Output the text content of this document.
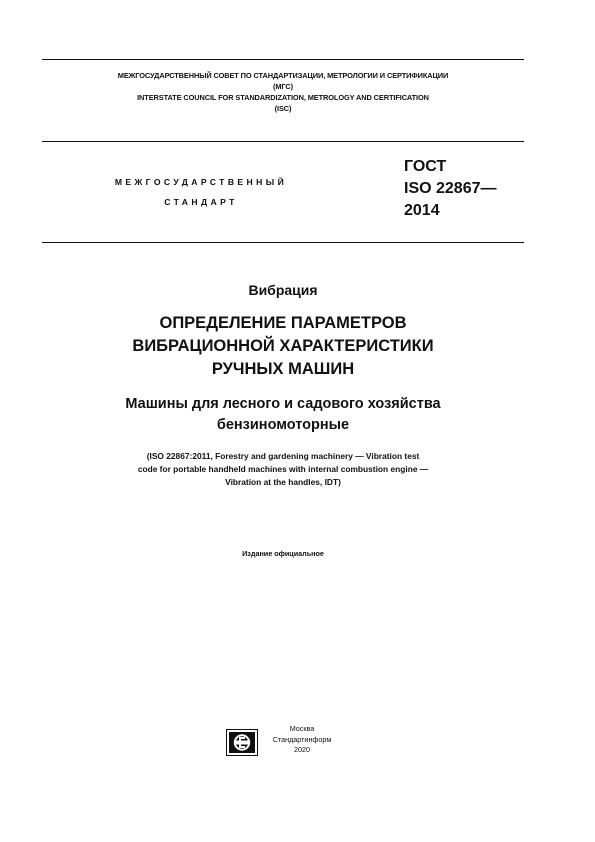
МЕЖГОСУДАРСТВЕННЫЙ СОВЕТ ПО СТАНДАРТИЗАЦИИ, МЕТРОЛОГИИ И СЕРТИФИКАЦИИ
(МГС)
INTERSTATE COUNCIL FOR STANDARDIZATION, METROLOGY AND CERTIFICATION
(ISC)
МЕЖГОСУДАРСТВЕННЫЙ
СТАНДАРТ
ГОСТ
ISO 22867—
2014
Вибрация
ОПРЕДЕЛЕНИЕ ПАРАМЕТРОВ
ВИБРАЦИОННОЙ ХАРАКТЕРИСТИКИ
РУЧНЫХ МАШИН
Машины для лесного и садового хозяйства
бензиномоторные
(ISO 22867:2011, Forestry and gardening machinery — Vibration test
code for portable handheld machines with internal combustion engine —
Vibration at the handles, IDT)
Издание официальное
Москва
Стандартинформ
2020
